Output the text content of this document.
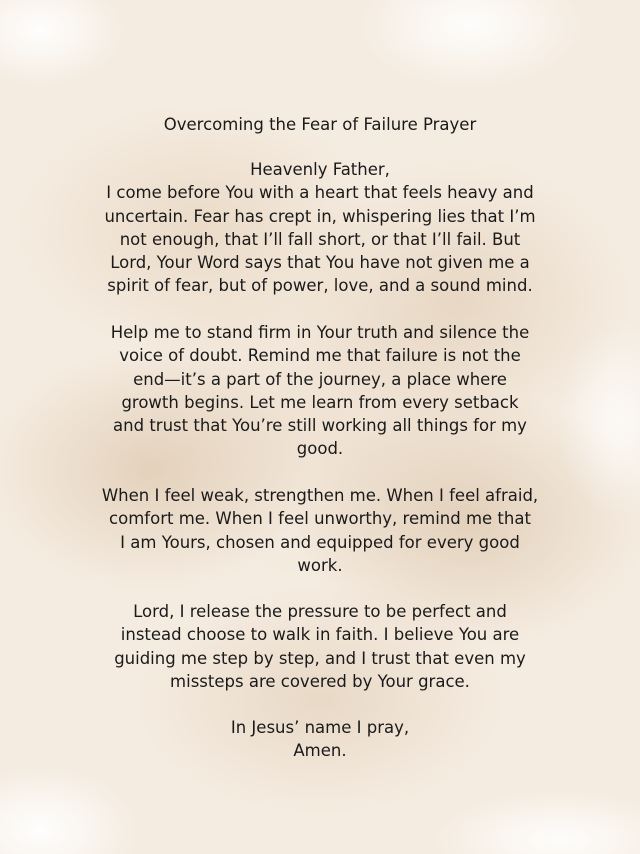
Overcoming the Fear of Failure Prayer

Heavenly Father,
I come before You with a heart that feels heavy and
uncertain. Fear has crept in, whispering lies that I’m
not enough, that I’ll fall short, or that I’ll fail. But
Lord, Your Word says that You have not given me a
spirit of fear, but of power, love, and a sound mind.

Help me to stand firm in Your truth and silence the
voice of doubt. Remind me that failure is not the
end—it’s a part of the journey, a place where
growth begins. Let me learn from every setback
and trust that You’re still working all things for my
good.

When I feel weak, strengthen me. When I feel afraid,
comfort me. When I feel unworthy, remind me that
I am Yours, chosen and equipped for every good
work.

Lord, I release the pressure to be perfect and
instead choose to walk in faith. I believe You are
guiding me step by step, and I trust that even my
missteps are covered by Your grace.

In Jesus’ name I pray,
Amen.
